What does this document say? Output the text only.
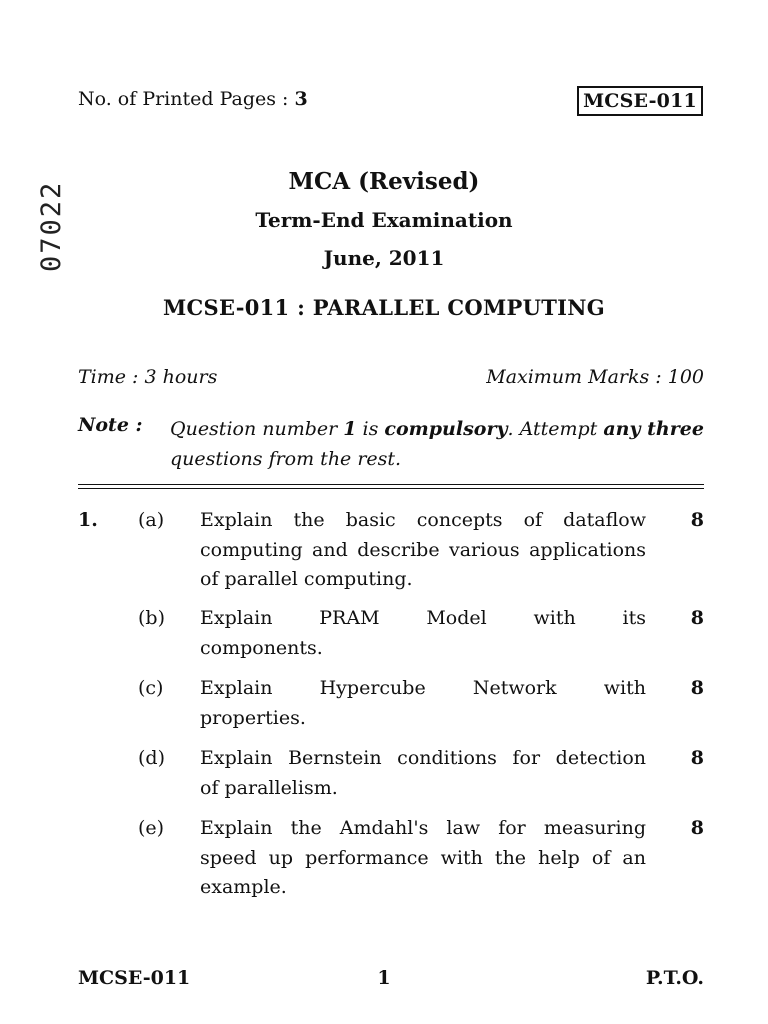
No. of Printed Pages : 3	MCSE-011
07022	MCA (Revised)
Term-End Examination
June, 2011
MCSE-011 : PARALLEL COMPUTING
Time : 3 hours	Maximum Marks : 100
Note : Question number 1 is compulsory. Attempt any three questions from the rest.
1. (a) Explain the basic concepts of dataflow computing and describe various applications of parallel computing.
8
(b) Explain PRAM Model with its
components.
8
(c) Explain Hypercube Network with
properties.
8
(d) Explain Bernstein conditions for detection
of parallelism.
8
(e) Explain the Amdahl's law for measuring speed up performance with the help of an example.
8
MCSE-011	1	P.T.O.
